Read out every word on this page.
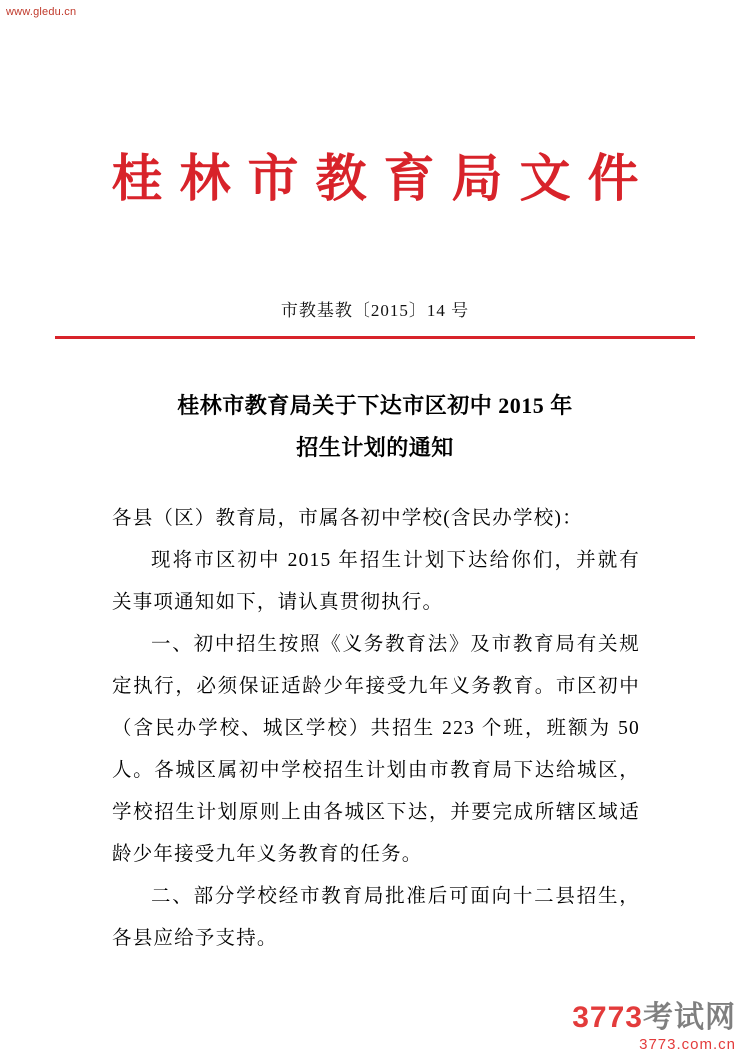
www.gledu.cn
桂林市教育局文件
市教基教〔2015〕14 号
桂林市教育局关于下达市区初中 2015 年
招生计划的通知

各县（区）教育局，市属各初中学校(含民办学校)：

现将市区初中 2015 年招生计划下达给你们，并就有关事项通知如下，请认真贯彻执行。

一、初中招生按照《义务教育法》及市教育局有关规定执行，必须保证适龄少年接受九年义务教育。市区初中（含民办学校、城区学校）共招生 223 个班，班额为 50 人。各城区属初中学校招生计划由市教育局下达给城区，学校招生计划原则上由各城区下达，并要完成所辖区域适龄少年接受九年义务教育的任务。

二、部分学校经市教育局批准后可面向十二县招生，各县应给予支持。

3773考试网
3773.com.cn
